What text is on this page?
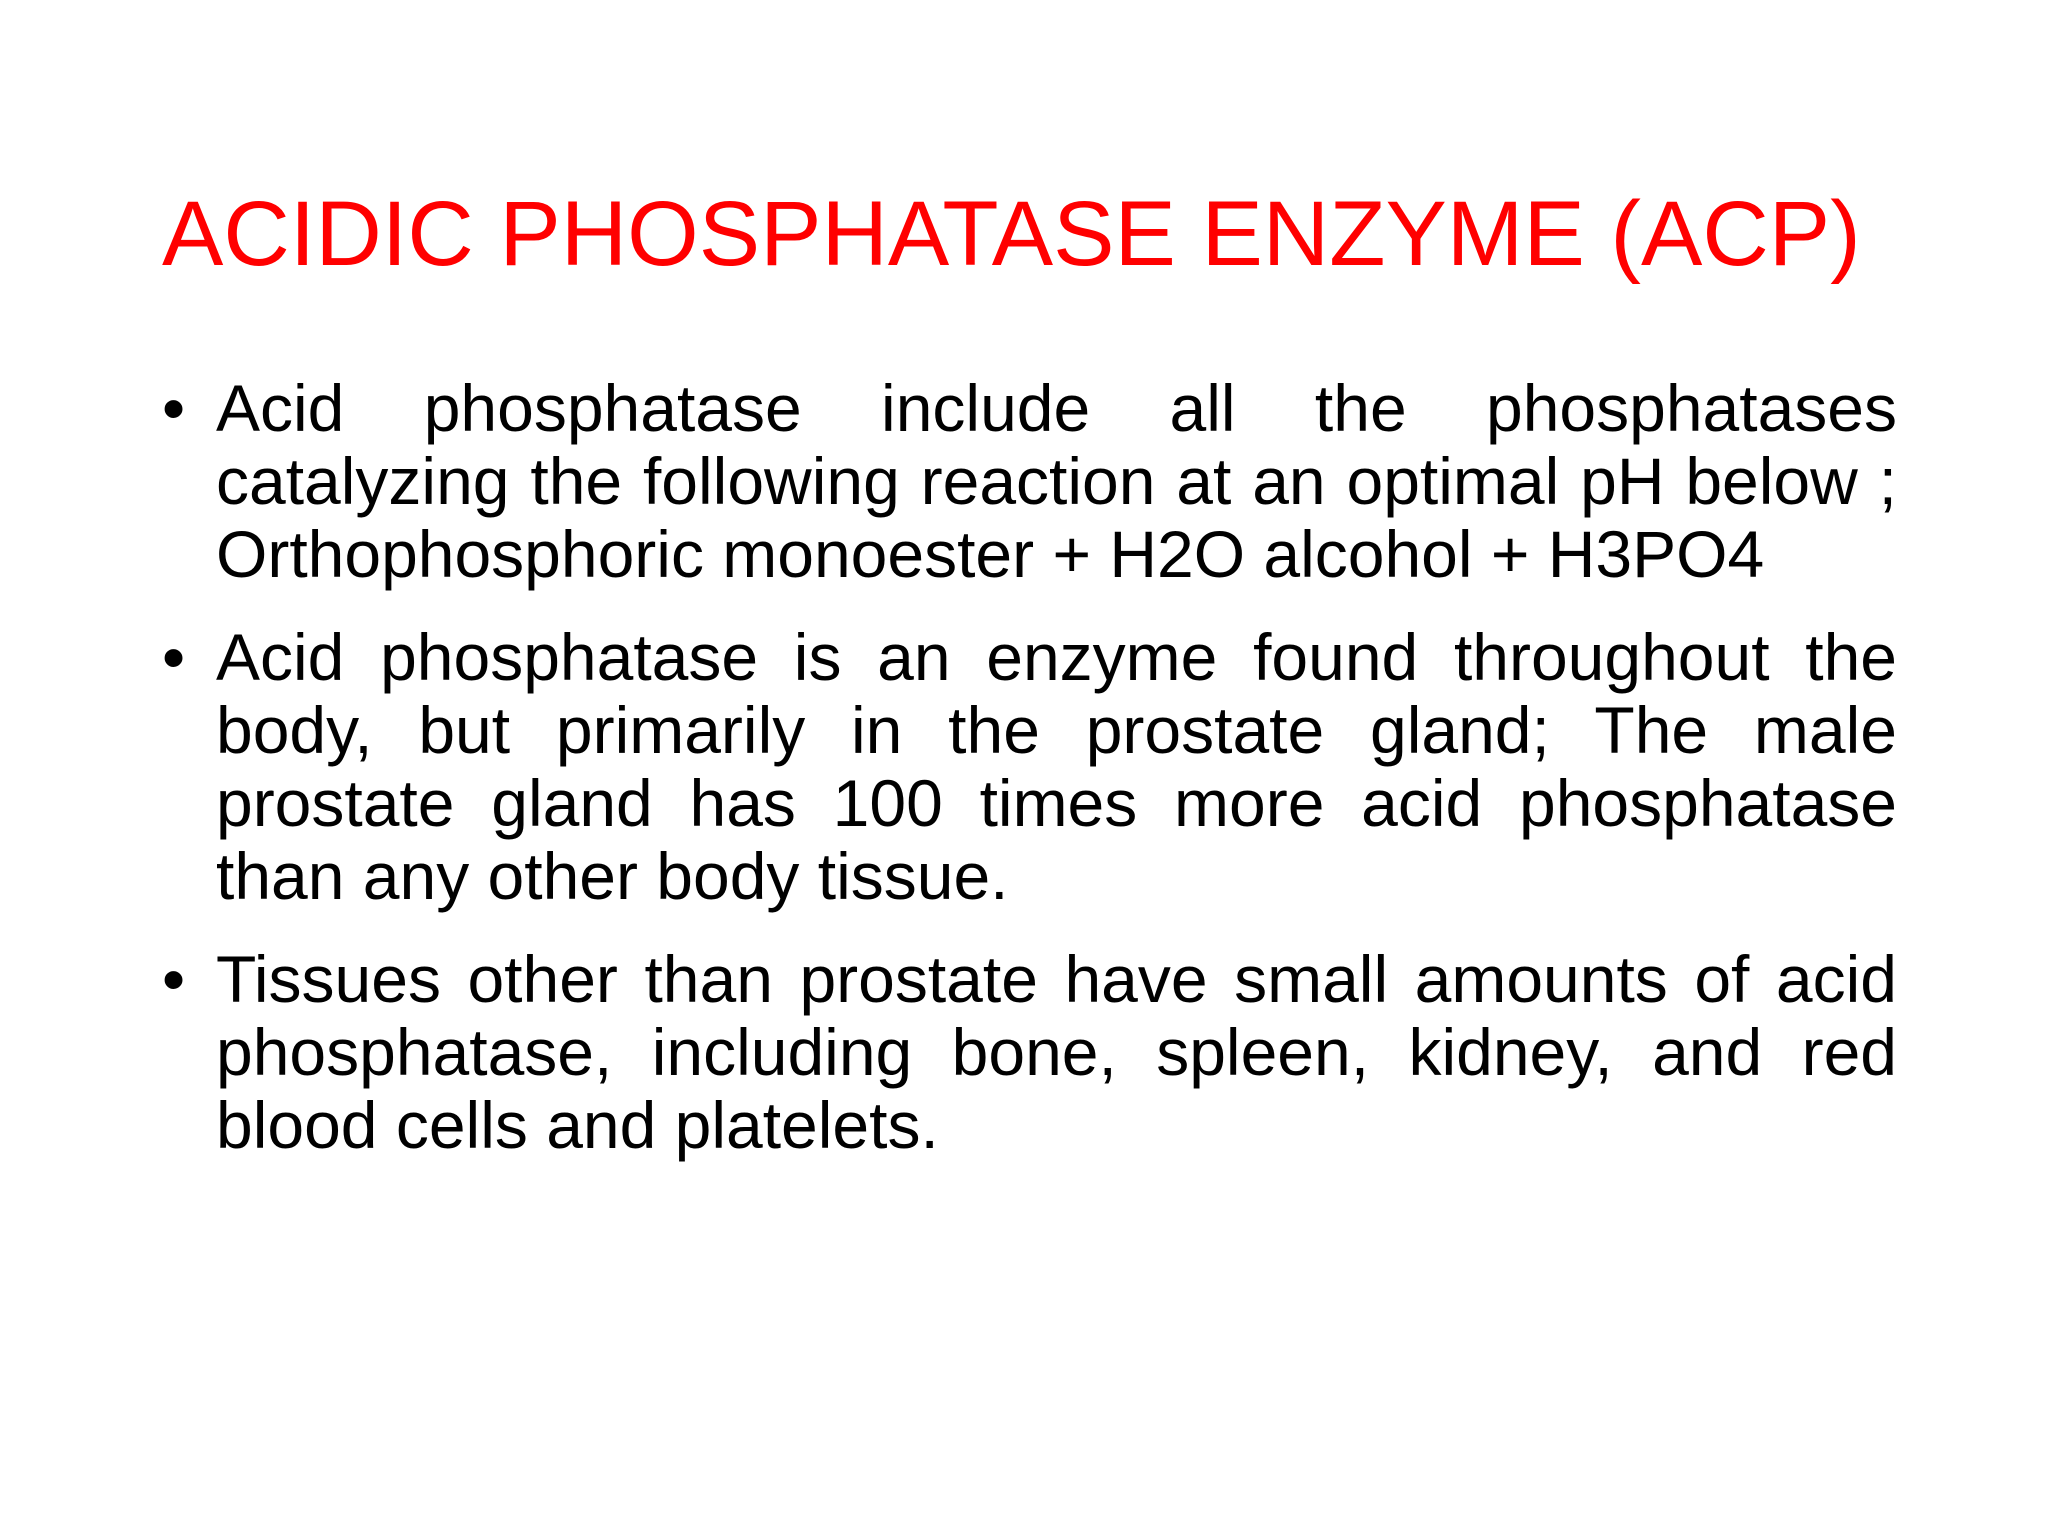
ACIDIC PHOSPHATASE ENZYME (ACP)
• Acid phosphatase include all the phosphatases catalyzing the following reaction at an optimal pH below ; Orthophosphoric monoester + H2O alcohol + H3PO4
• Acid phosphatase is an enzyme found throughout the body, but primarily in the prostate gland; The male prostate gland has 100 times more acid phosphatase than any other body tissue.
• Tissues other than prostate have small amounts of acid phosphatase, including bone, spleen, kidney, and red blood cells and platelets.
